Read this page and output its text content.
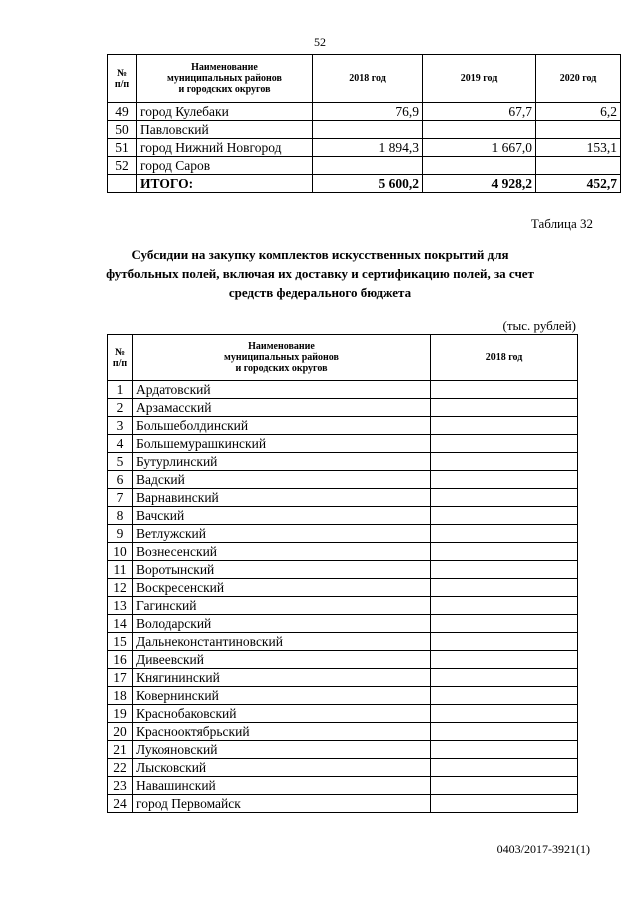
52
№
п/п	Наименование
муниципальных районов
и городских округов	2018 год	2019 год	2020 год
49	город Кулебаки	76,9	67,7	6,2
50	Павловский			
51	город Нижний Новгород	1 894,3	1 667,0	153,1
52	город Саров			
	ИТОГО:	5 600,2	4 928,2	452,7
Таблица 32
Субсидии на закупку комплектов искусственных покрытий для футбольных полей, включая их доставку и сертификацию полей, за счет средств федерального бюджета
(тыс. рублей)
№
п/п	Наименование
муниципальных районов
и городских округов	2018 год
1	Ардатовский	
2	Арзамасский	
3	Большеболдинский	
4	Большемурашкинский	
5	Бутурлинский	
6	Вадский	
7	Варнавинский	
8	Вачский	
9	Ветлужский	
10	Вознесенский	
11	Воротынский	
12	Воскресенский	
13	Гагинский	
14	Володарский	
15	Дальнеконстантиновский	
16	Дивеевский	
17	Княгининский	
18	Ковернинский	
19	Краснобаковский	
20	Краснооктябрьский	
21	Лукояновский	
22	Лысковский	
23	Навашинский	
24	город Первомайск	
0403/2017-3921(1)
